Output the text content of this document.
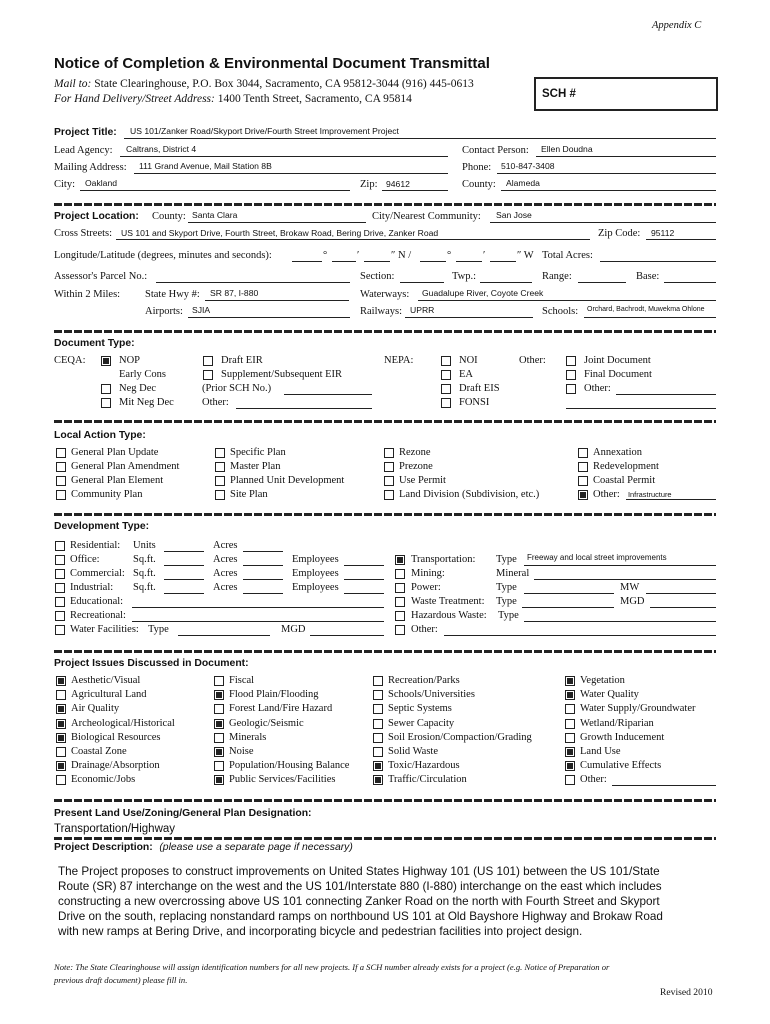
Appendix C
Notice of Completion & Environmental Document Transmittal
Mail to: State Clearinghouse, P.O. Box 3044, Sacramento, CA 95812-3044 (916) 445-0613
For Hand Delivery/Street Address: 1400 Tenth Street, Sacramento, CA 95814	SCH #
Project Title: US 101/Zanker Road/Skyport Drive/Fourth Street Improvement Project
Lead Agency: Caltrans, District 4	Contact Person: Ellen Doudna
Mailing Address: 111 Grand Avenue, Mail Station 8B	Phone: 510-847-3408
City: Oakland	Zip: 94612	County: Alameda
Project Location: County: Santa Clara	City/Nearest Community: San Jose
Cross Streets: US 101 and Skyport Drive, Fourth Street, Brokaw Road, Bering Drive, Zanker Road	Zip Code: 95112
Longitude/Latitude (degrees, minutes and seconds):	°	′	″ N /	°	′	″ W Total Acres:
Assessor's Parcel No.:	Section:	Twp.:	Range:	Base:
Within 2 Miles: State Hwy #: SR 87, I-880	Waterways: Guadalupe River, Coyote Creek
Airports: SJIA	Railways: UPRR	Schools: Orchard, Bachrodt, Muwekma Ohlone
Document Type:
CEQA:	NOP
Early Cons
Neg Dec
Mit Neg Dec
Draft EIR
Supplement/Subsequent EIR
(Prior SCH No.)
Other:
NEPA:	NOI
EA
Draft EIS
FONSI
Other:	Joint Document
Final Document
Other:
Local Action Type:
General Plan Update
General Plan Amendment
General Plan Element
Community Plan
Specific Plan
Master Plan
Planned Unit Development
Site Plan
Rezone
Prezone
Use Permit
Land Division (Subdivision, etc.)
Annexation
Redevelopment
Coastal Permit
Other: Infrastructure
Development Type:
Residential: Units	Acres
Office:	Sq.ft.	Acres	Employees
Commercial: Sq.ft.	Acres	Employees
Industrial: Sq.ft.	Acres	Employees
Educational:
Recreational:
Water Facilities: Type	MGD
Transportation: Type Freeway and local street improvements
Mining:	Mineral
Power:	Type	MW
Waste Treatment: Type	MGD
Hazardous Waste: Type
Other:
Project Issues Discussed in Document:
Aesthetic/Visual
Agricultural Land
Air Quality
Archeological/Historical
Biological Resources
Coastal Zone
Drainage/Absorption
Economic/Jobs
Fiscal
Flood Plain/Flooding
Forest Land/Fire Hazard
Geologic/Seismic
Minerals
Noise
Population/Housing Balance
Public Services/Facilities
Recreation/Parks
Schools/Universities
Septic Systems
Sewer Capacity
Soil Erosion/Compaction/Grading
Solid Waste
Toxic/Hazardous
Traffic/Circulation
Vegetation
Water Quality
Water Supply/Groundwater
Wetland/Riparian
Growth Inducement
Land Use
Cumulative Effects
Other:
Present Land Use/Zoning/General Plan Designation:
Transportation/Highway
Project Description: (please use a separate page if necessary)
The Project proposes to construct improvements on United States Highway 101 (US 101) between the US 101/State
Route (SR) 87 interchange on the west and the US 101/Interstate 880 (I-880) interchange on the east which includes
constructing a new overcrossing above US 101 connecting Zanker Road on the north with Fourth Street and Skyport
Drive on the south, replacing nonstandard ramps on northbound US 101 at Old Bayshore Highway and Brokaw Road
with new ramps at Bering Drive, and incorporating bicycle and pedestrian facilities into project design.
Note: The State Clearinghouse will assign identification numbers for all new projects. If a SCH number already exists for a project (e.g. Notice of Preparation or
previous draft document) please fill in.
Revised 2010
